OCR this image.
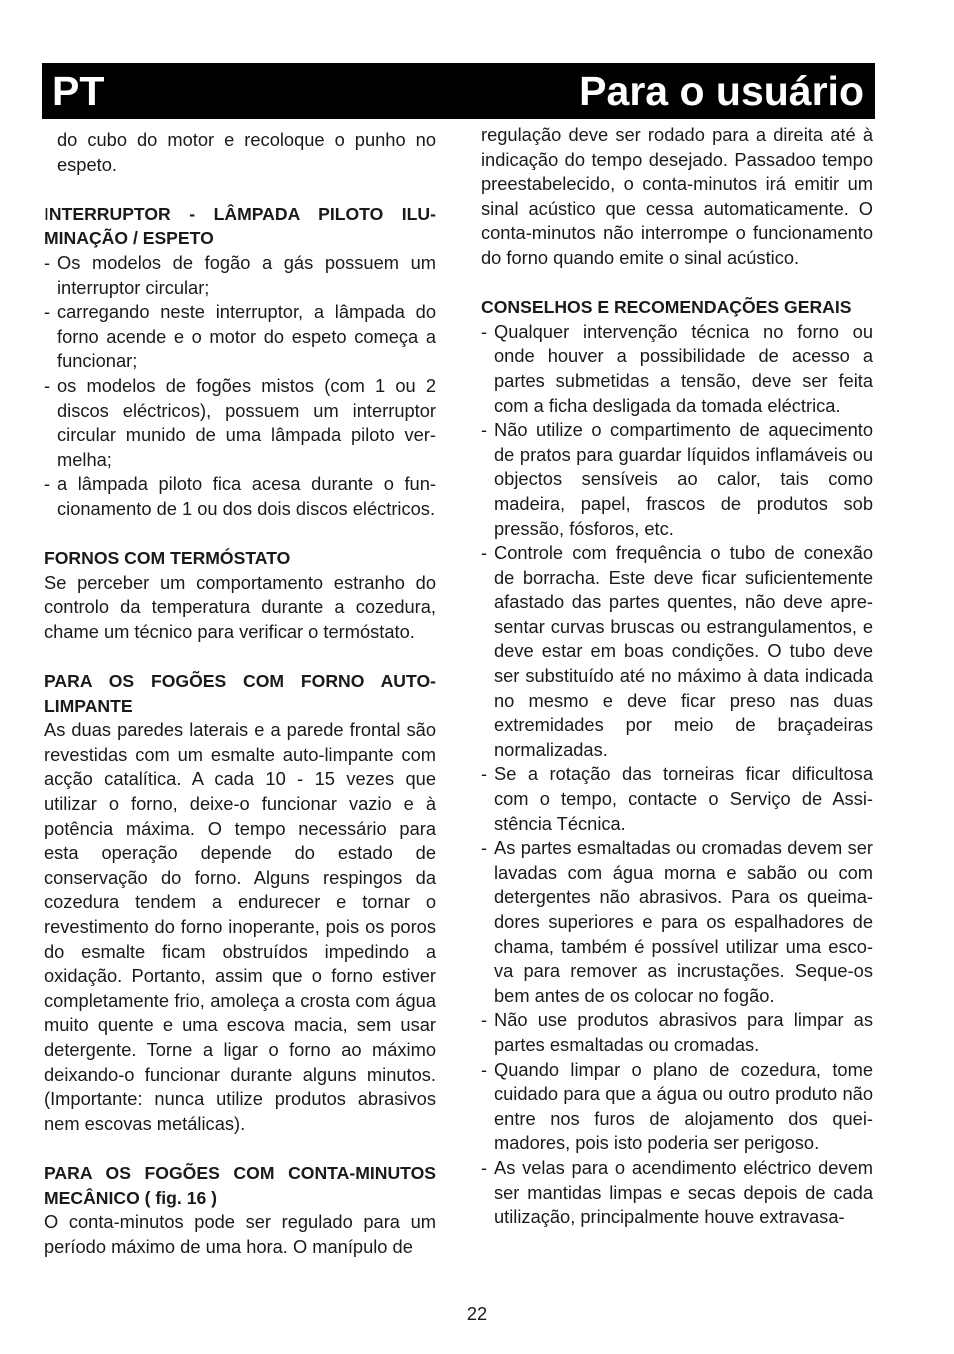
PT	Para o usuário

do cubo do motor e recoloque o punho no espeto.

INTERRUPTOR - LÂMPADA PILOTO ILUMINAÇÃO / ESPETO

- Os modelos de fogão a gás possuem um interruptor circular;
- carregando neste interruptor, a lâmpada do forno acende e o motor do espeto começa a funcionar;
- os modelos de fogões mistos (com 1 ou 2 discos eléctricos), possuem um interruptor circular munido de uma lâmpada piloto vermelha;
- a lâmpada piloto fica acesa durante o funcionamento de 1 ou dos dois discos eléctricos.

FORNOS COM TERMÓSTATO

Se perceber um comportamento estranho do controlo da temperatura durante a cozedura, chame um técnico para verificar o termóstato.

PARA OS FOGÕES COM FORNO AUTOLIMPANTE

As duas paredes laterais e a parede frontal são revestidas com um esmalte auto-limpante com acção catalítica. A cada 10 - 15 vezes que utilizar o forno, deixe-o funcionar vazio e à potência máxima. O tempo necessário para esta operação depende do estado de conservação do forno. Alguns respingos da cozedura tendem a endurecer e tornar o revestimento do forno inoperante, pois os poros do esmalte ficam obstruídos impedindo a oxidação. Portanto, assim que o forno estiver completamente frio, amoleça a crosta com água muito quente e uma escova macia, sem usar detergente. Torne a ligar o forno ao máximo deixando-o funcionar durante alguns minutos. (Importante: nunca utilize produtos abrasivos nem escovas metálicas).

PARA OS FOGÕES COM CONTA-MINUTOS MECÂNICO ( fig. 16 )

O conta-minutos pode ser regulado para um período máximo de uma hora. O manípulo de

regulação deve ser rodado para a direita até à indicação do tempo desejado. Passadoo tempo preestabelecido, o conta-minutos irá emitir um sinal acústico que cessa automaticamente. O conta-minutos não interrompe o funcionamento do forno quando emite o sinal acústico.

CONSELHOS E RECOMENDAÇÕES GERAIS

- Qualquer intervenção técnica no forno ou onde houver a possibilidade de acesso a partes submetidas a tensão, deve ser feita com a ficha desligada da tomada eléctrica.
- Não utilize o compartimento de aquecimento de pratos para guardar líquidos inflamáveis ou objectos sensíveis ao calor, tais como madeira, papel, frascos de produtos sob pressão, fósforos, etc.
- Controle com frequência o tubo de conexão de borracha. Este deve ficar suficientemente afastado das partes quentes, não deve apresentar curvas bruscas ou estrangulamentos, e deve estar em boas condições. O tubo deve ser substituído até no máximo à data indicada no mesmo e deve ficar preso nas duas extremidades por meio de braçadeiras normalizadas.
- Se a rotação das torneiras ficar dificultosa com o tempo, contacte o Serviço de Assistência Técnica.
- As partes esmaltadas ou cromadas devem ser lavadas com água morna e sabão ou com detergentes não abrasivos. Para os queimadores superiores e para os espalhadores de chama, também é possível utilizar uma escova para remover as incrustações. Seque-os bem antes de os colocar no fogão.
- Não use produtos abrasivos para limpar as partes esmaltadas ou cromadas.
- Quando limpar o plano de cozedura, tome cuidado para que a água ou outro produto não entre nos furos de alojamento dos queimadores, pois isto poderia ser perigoso.
- As velas para o acendimento eléctrico devem ser mantidas limpas e secas depois de cada utilização, principalmente houve extravasa-
22
